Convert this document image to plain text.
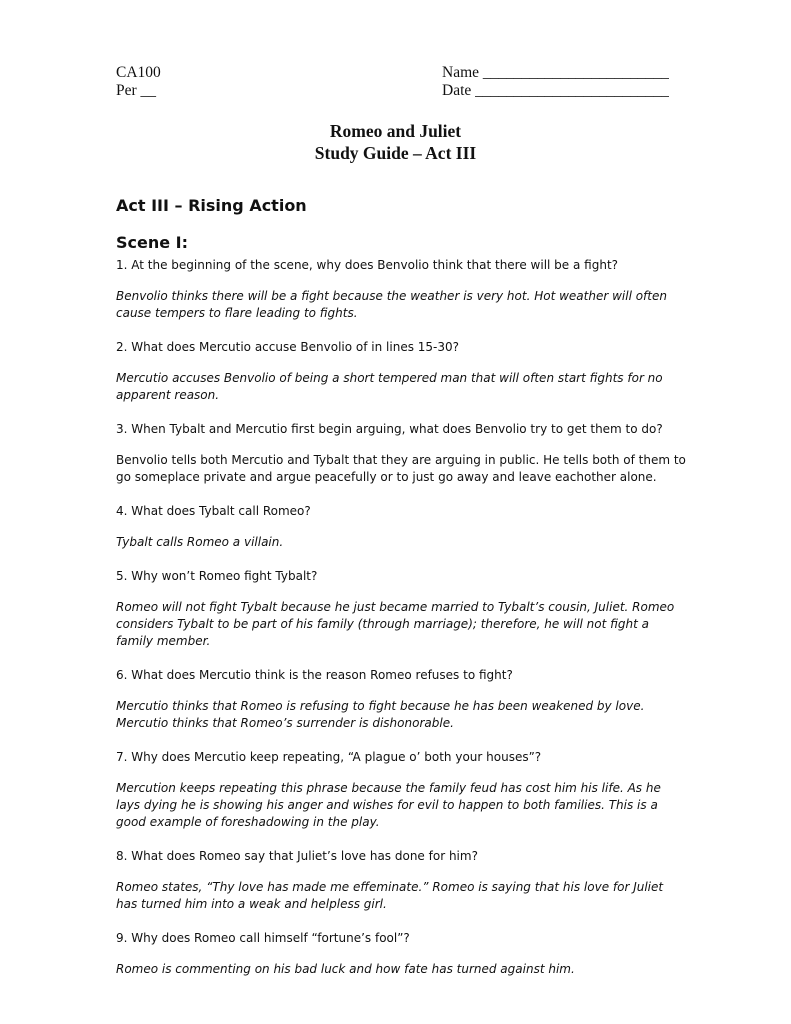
CA100
Per __
Name ________________________
Date _________________________
Romeo and Juliet
Study Guide – Act III
Act III – Rising Action
Scene I:

1. At the beginning of the scene, why does Benvolio think that there will be a fight?

Benvolio thinks there will be a fight because the weather is very hot. Hot weather will often cause tempers to flare leading to fights.

2. What does Mercutio accuse Benvolio of in lines 15-30?

Mercutio accuses Benvolio of being a short tempered man that will often start fights for no apparent reason.

3. When Tybalt and Mercutio first begin arguing, what does Benvolio try to get them to do?

Benvolio tells both Mercutio and Tybalt that they are arguing in public. He tells both of them to go someplace private and argue peacefully or to just go away and leave eachother alone.

4. What does Tybalt call Romeo?

Tybalt calls Romeo a villain.

5. Why won’t Romeo fight Tybalt?

Romeo will not fight Tybalt because he just became married to Tybalt’s cousin, Juliet. Romeo considers Tybalt to be part of his family (through marriage); therefore, he will not fight a family member.

6. What does Mercutio think is the reason Romeo refuses to fight?

Mercutio thinks that Romeo is refusing to fight because he has been weakened by love. Mercutio thinks that Romeo’s surrender is dishonorable.

7. Why does Mercutio keep repeating, “A plague o’ both your houses”?

Mercution keeps repeating this phrase because the family feud has cost him his life. As he lays dying he is showing his anger and wishes for evil to happen to both families. This is a good example of foreshadowing in the play.

8. What does Romeo say that Juliet’s love has done for him?

Romeo states, “Thy love has made me effeminate.” Romeo is saying that his love for Juliet has turned him into a weak and helpless girl.

9. Why does Romeo call himself “fortune’s fool”?

Romeo is commenting on his bad luck and how fate has turned against him.
